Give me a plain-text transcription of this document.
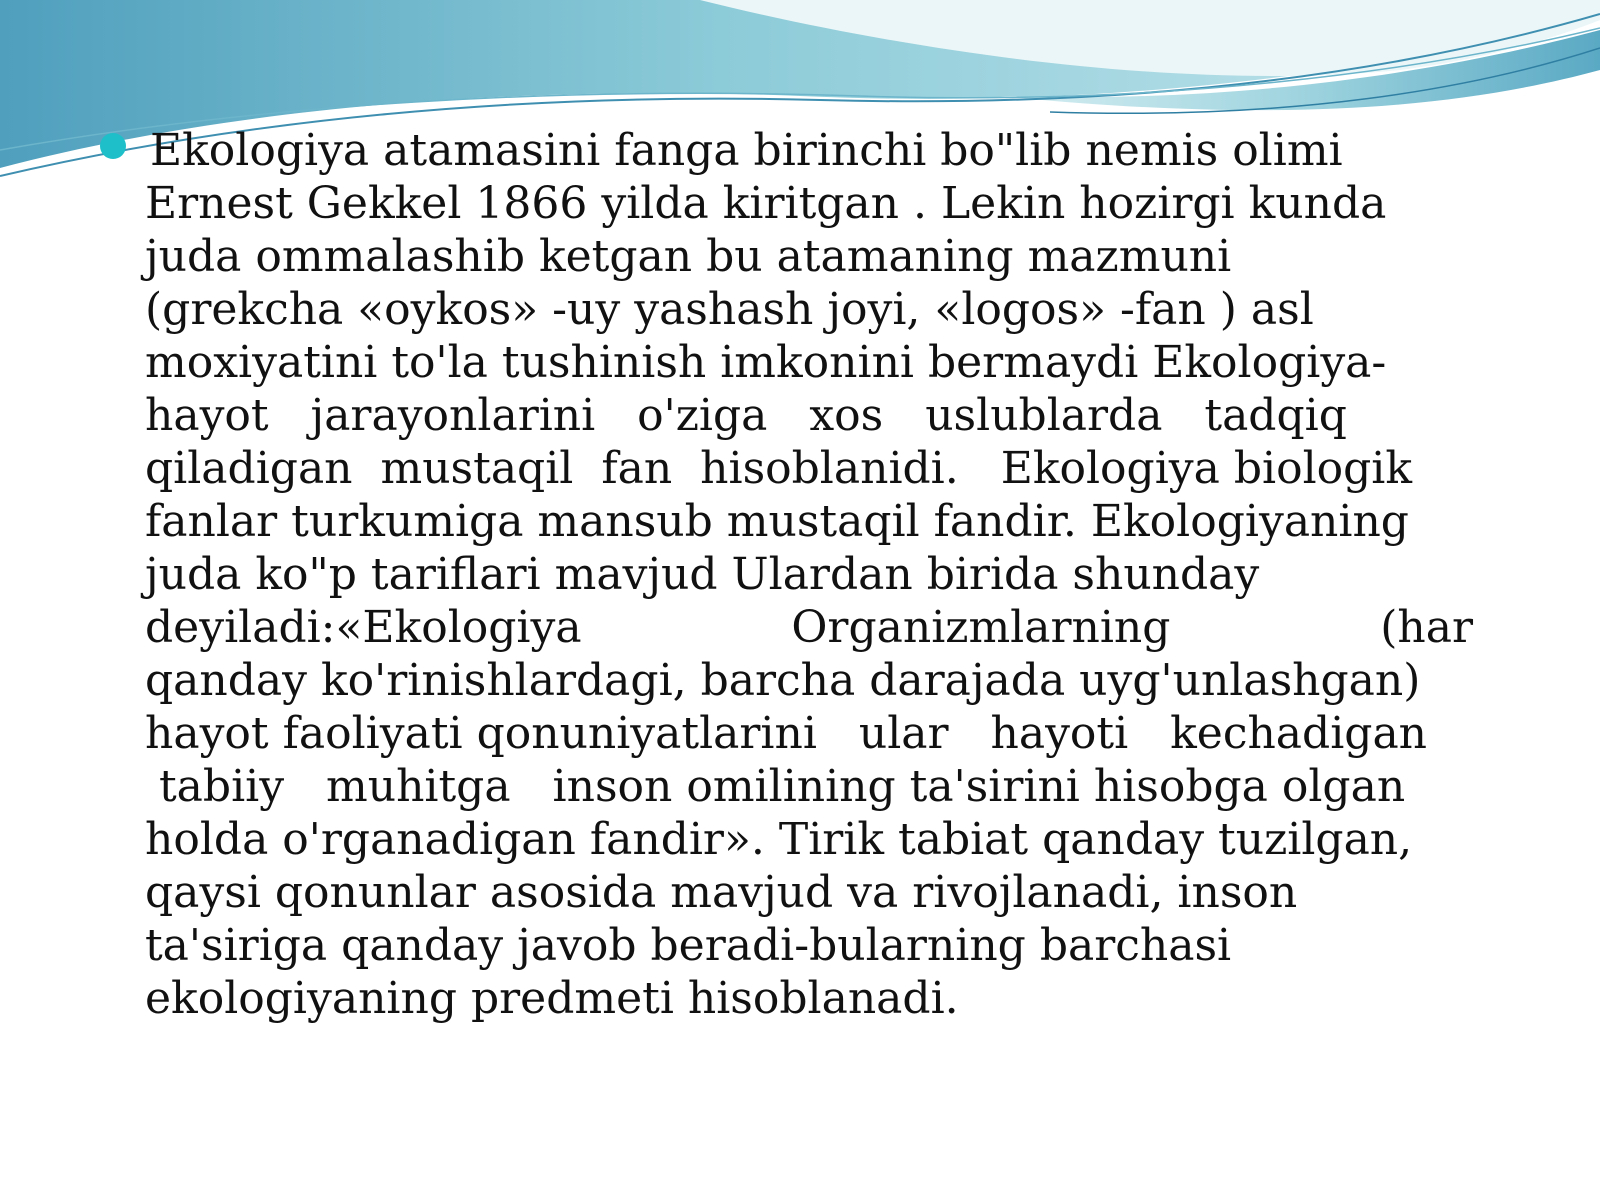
Ekologiya atamasini fanga birinchi bo"lib nemis olimi
Ernest Gekkel 1866 yilda kiritgan . Lekin hozirgi kunda
juda ommalashib ketgan bu atamaning mazmuni
(grekcha «oykos» -uy yashash joyi, «logos» -fan ) asl
moxiyatini to'la tushinish imkonini bermaydi Ekologiya-
hayot   jarayonlarini   o'ziga   xos   uslublarda   tadqiq
qiladigan  mustaqil  fan  hisoblanidi.   Ekologiya biologik
fanlar turkumiga mansub mustaqil fandir. Ekologiyaning
juda ko"p tariflari mavjud Ulardan birida shunday
deyiladi:«Ekologiya	Organizmlarning	(har
qanday ko'rinishlardagi, barcha darajada uyg'unlashgan)
hayot faoliyati qonuniyatlarini   ular   hayoti   kechadigan
tabiiy   muhitga   inson omilining ta'sirini hisobga olgan
holda o'rganadigan fandir». Tirik tabiat qanday tuzilgan,
qaysi qonunlar asosida mavjud va rivojlanadi, inson
ta'siriga qanday javob beradi-bularning barchasi
ekologiyaning predmeti hisoblanadi.
